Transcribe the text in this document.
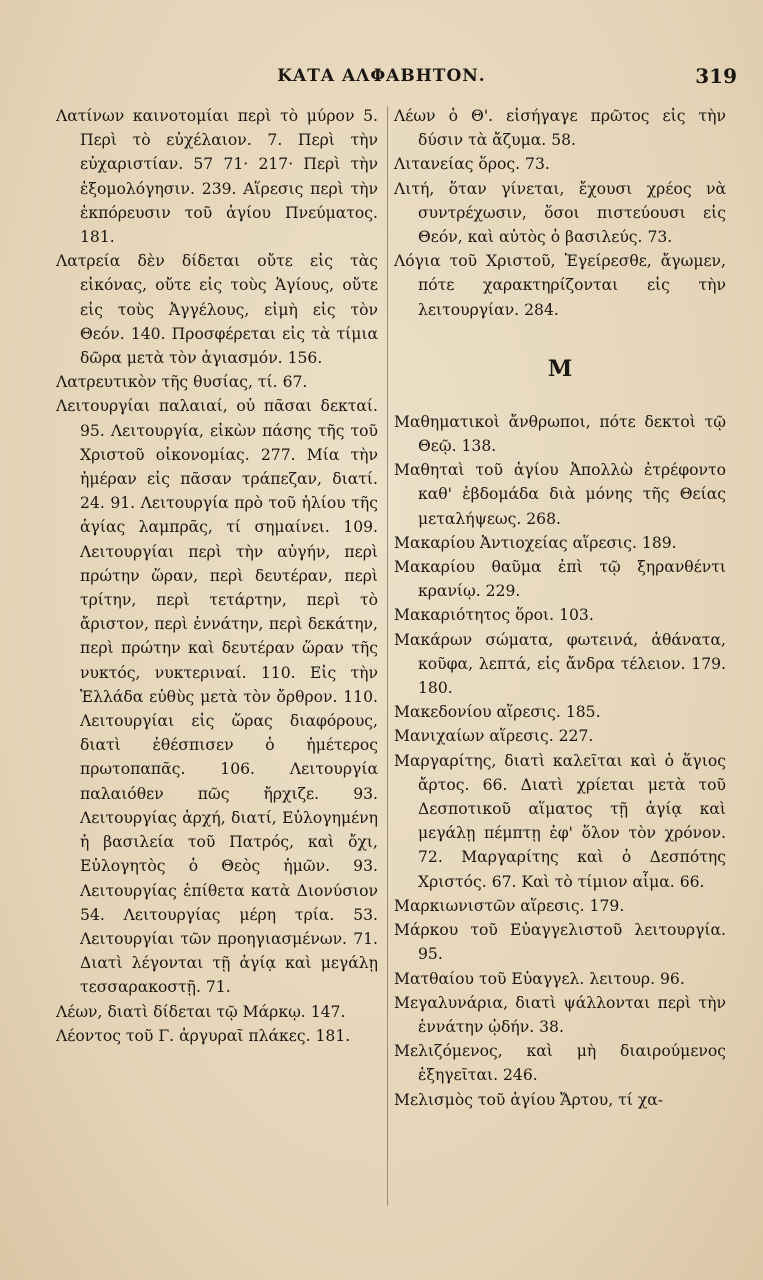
ΚΑΤΑ ΑΛΦΑΒΗΤΟΝ.	319

Λατίνων καινοτομίαι περὶ τὸ μύρον 5. Περὶ τὸ εὐχέλαιον. 7. Περὶ τὴν εὐχαριστίαν. 57 71· 217· Περὶ τὴν ἐξομολόγησιν. 239. Αἵρεσις περὶ τὴν ἐκπόρευσιν τοῦ ἁγίου Πνεύματος. 181.

Λατρεία δὲν δίδεται οὔτε εἰς τὰς εἰκόνας, οὔτε εἰς τοὺς Ἁγίους, οὔτε εἰς τοὺς Ἀγγέλους, εἰμὴ εἰς τὸν Θεόν. 140. Προσφέρεται εἰς τὰ τίμια δῶρα μετὰ τὸν ἁγιασμόν. 156.

Λατρευτικὸν τῆς θυσίας, τί. 67.

Λειτουργίαι παλαιαί, οὐ πᾶσαι δεκταί. 95. Λειτουργία, εἰκὼν πάσης τῆς τοῦ Χριστοῦ οἰκονομίας. 277. Μία τὴν ἡμέραν εἰς πᾶσαν τράπεζαν, διατί. 24. 91. Λειτουργία πρὸ τοῦ ἡλίου τῆς ἁγίας λαμπρᾶς, τί σημαίνει. 109. Λειτουργίαι περὶ τὴν αὐγήν, περὶ πρώτην ὥραν, περὶ δευτέραν, περὶ τρίτην, περὶ τετάρτην, περὶ τὸ ἄριστον, περὶ ἐννάτην, περὶ δεκάτην, περὶ πρώτην καὶ δευτέραν ὥραν τῆς νυκτός, νυκτεριναί. 110. Εἰς τὴν Ἑλλάδα εὐθὺς μετὰ τὸν ὄρθρον. 110. Λειτουργίαι εἰς ὥρας διαφόρους, διατὶ ἐθέσπισεν ὁ ἡμέτερος πρωτοπαπᾶς. 106. Λειτουργία παλαιόθεν πῶς ἤρχιζε. 93. Λειτουργίας ἀρχή, διατί, Εὐλογημένη ἡ βασιλεία τοῦ Πατρός, καὶ ὄχι, Εὐλογητὸς ὁ Θεὸς ἡμῶν. 93. Λειτουργίας ἐπίθετα κατὰ Διονύσιον 54. Λειτουργίας μέρη τρία. 53. Λειτουργίαι τῶν προηγιασμένων. 71. Διατὶ λέγονται τῇ ἁγίᾳ καὶ μεγάλῃ τεσσαρακοστῇ. 71.

Λέων, διατὶ δίδεται τῷ Μάρκῳ. 147.

Λέοντος τοῦ Γ. ἀργυραῖ πλάκες. 181.

Λέων ὁ Θ'. εἰσήγαγε πρῶτος εἰς τὴν δύσιν τὰ ἄζυμα. 58.

Λιτανείας ὅρος. 73.

Λιτή, ὅταν γίνεται, ἔχουσι χρέος νὰ συντρέχωσιν, ὅσοι πιστεύουσι εἰς Θεόν, καὶ αὐτὸς ὁ βασιλεύς. 73.

Λόγια τοῦ Χριστοῦ, Ἐγείρεσθε, ἄγωμεν, πότε χαρακτηρίζονται εἰς τὴν λειτουργίαν. 284.

Μ

Μαθηματικοὶ ἄνθρωποι, πότε δεκτοὶ τῷ Θεῷ. 138.

Μαθηταὶ τοῦ ἁγίου Ἀπολλὼ ἐτρέφοντο καθ' ἑβδομάδα διὰ μόνης τῆς Θείας μεταλήψεως. 268.

Μακαρίου Ἀντιοχείας αἵρεσις. 189.

Μακαρίου θαῦμα ἐπὶ τῷ ξηρανθέντι κρανίῳ. 229.

Μακαριότητος ὅροι. 103.

Μακάρων σώματα, φωτεινά, ἀθάνατα, κοῦφα, λεπτά, εἰς ἄνδρα τέλειον. 179. 180.

Μακεδονίου αἵρεσις. 185.

Μανιχαίων αἵρεσις. 227.

Μαργαρίτης, διατὶ καλεῖται καὶ ὁ ἅγιος ἄρτος. 66. Διατὶ χρίεται μετὰ τοῦ Δεσποτικοῦ αἵματος τῇ ἁγίᾳ καὶ μεγάλῃ πέμπτῃ ἐφ' ὅλον τὸν χρόνον. 72. Μαργαρίτης καὶ ὁ Δεσπότης Χριστός. 67. Καὶ τὸ τίμιον αἷμα. 66.

Μαρκιωνιστῶν αἵρεσις. 179.

Μάρκου τοῦ Εὐαγγελιστοῦ λειτουργία. 95.

Ματθαίου τοῦ Εὐαγγελ. λειτουρ. 96.

Μεγαλυνάρια, διατὶ ψάλλονται περὶ τὴν ἐννάτην ᾠδήν. 38.

Μελιζόμενος, καὶ μὴ διαιρούμενος ἐξηγεῖται. 246.

Μελισμὸς τοῦ ἁγίου Ἄρτου, τί χα-
